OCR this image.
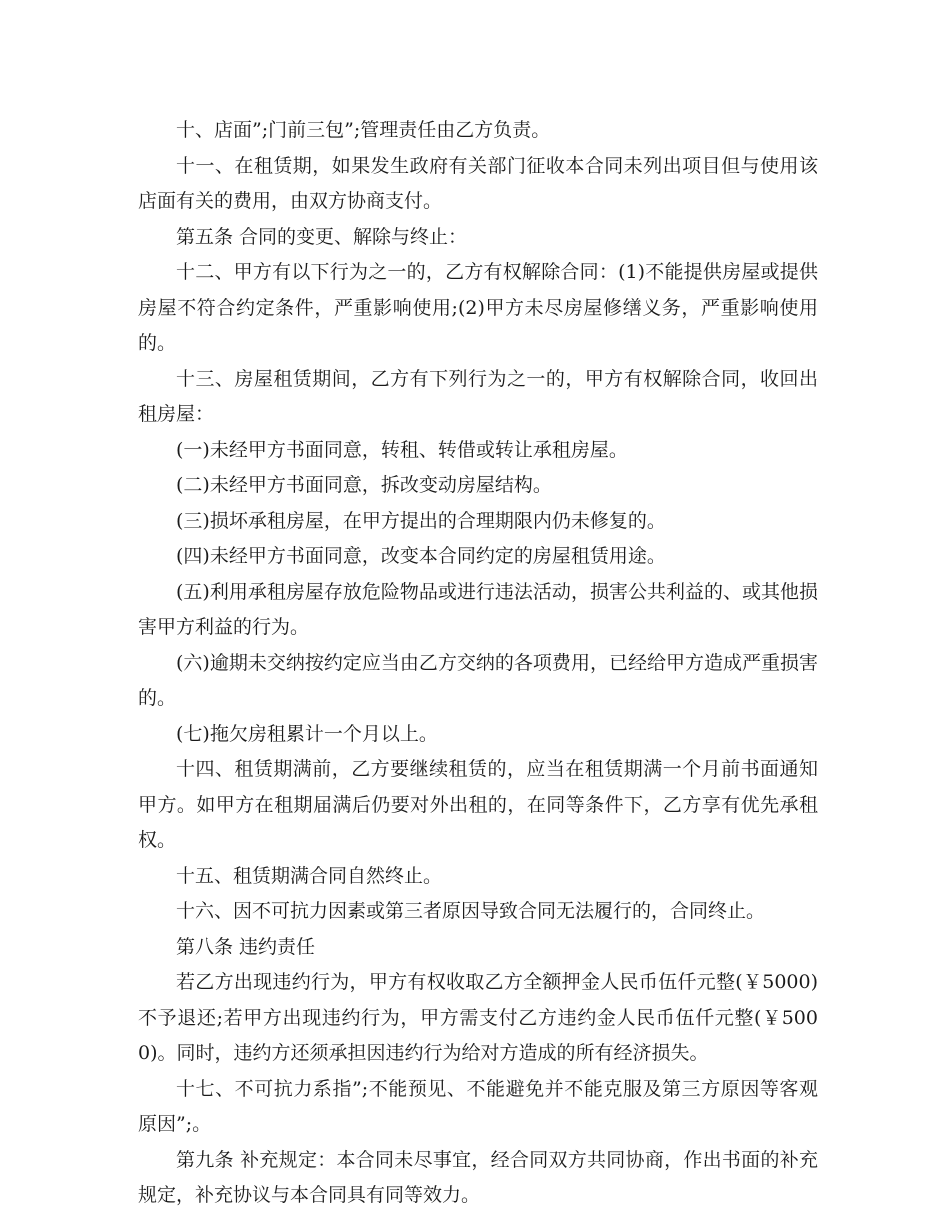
十、店面”;门前三包”;管理责任由乙方负责。

十一、在租赁期，如果发生政府有关部门征收本合同未列出项目但与使用该店面有关的费用，由双方协商支付。

第五条 合同的变更、解除与终止：

十二、甲方有以下行为之一的，乙方有权解除合同：(1)不能提供房屋或提供房屋不符合约定条件，严重影响使用;(2)甲方未尽房屋修缮义务，严重影响使用的。

十三、房屋租赁期间，乙方有下列行为之一的，甲方有权解除合同，收回出租房屋：

(一)未经甲方书面同意，转租、转借或转让承租房屋。

(二)未经甲方书面同意，拆改变动房屋结构。

(三)损坏承租房屋，在甲方提出的合理期限内仍未修复的。

(四)未经甲方书面同意，改变本合同约定的房屋租赁用途。

(五)利用承租房屋存放危险物品或进行违法活动，损害公共利益的、或其他损害甲方利益的行为。

(六)逾期未交纳按约定应当由乙方交纳的各项费用，已经给甲方造成严重损害的。

(七)拖欠房租累计一个月以上。

十四、租赁期满前，乙方要继续租赁的，应当在租赁期满一个月前书面通知甲方。如甲方在租期届满后仍要对外出租的，在同等条件下，乙方享有优先承租权。

十五、租赁期满合同自然终止。

十六、因不可抗力因素或第三者原因导致合同无法履行的，合同终止。

第八条 违约责任

若乙方出现违约行为，甲方有权收取乙方全额押金人民币伍仟元整(￥5000)不予退还;若甲方出现违约行为，甲方需支付乙方违约金人民币伍仟元整(￥5000)。同时，违约方还须承担因违约行为给对方造成的所有经济损失。

十七、不可抗力系指”;不能预见、不能避免并不能克服及第三方原因等客观原因”;。

第九条 补充规定：本合同未尽事宜，经合同双方共同协商，作出书面的补充规定，补充协议与本合同具有同等效力。
